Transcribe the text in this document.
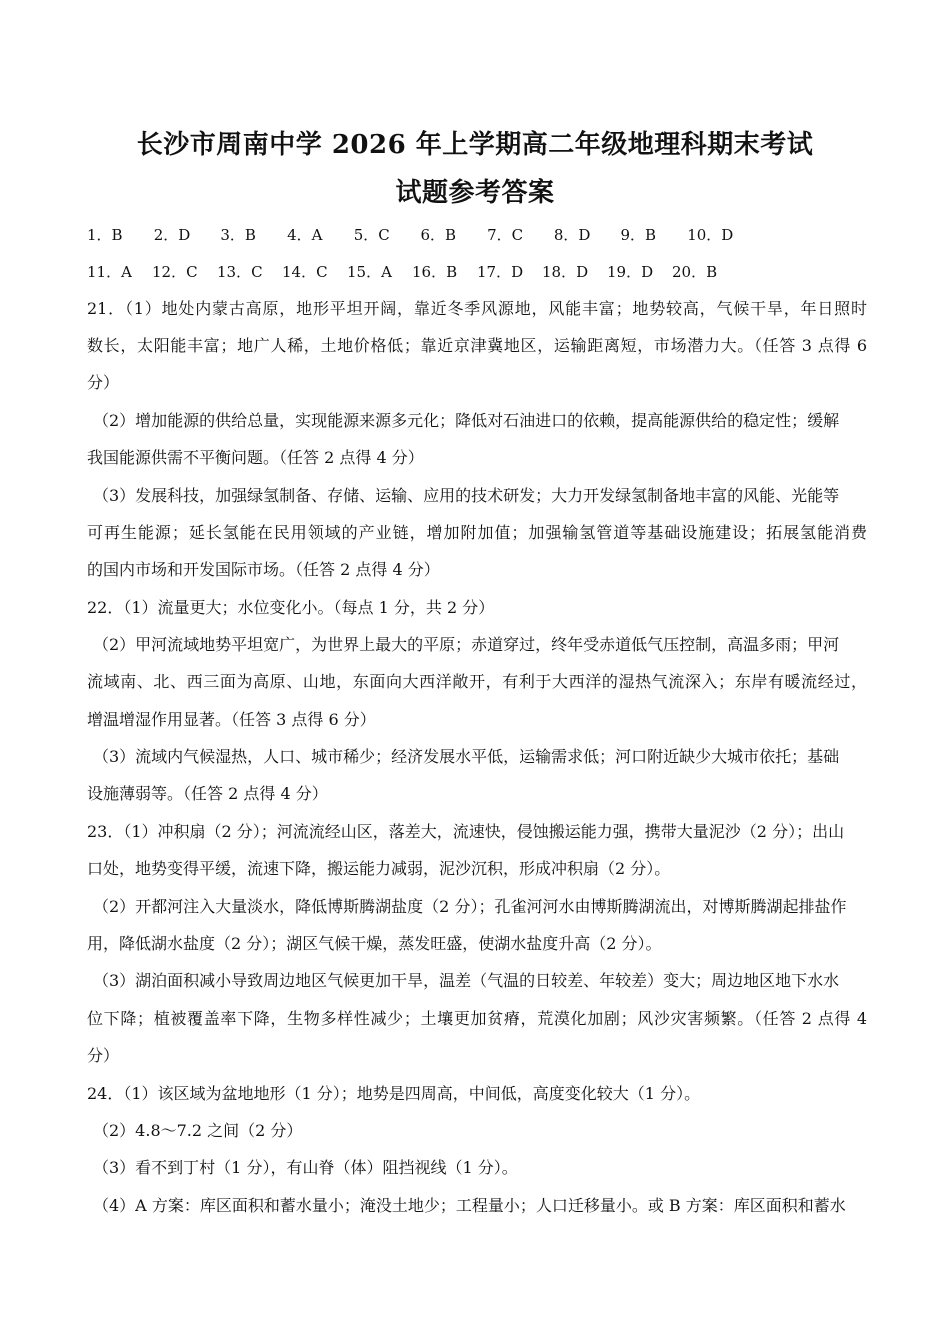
长沙市周南中学 2026 年上学期高二年级地理科期末考试
试题参考答案
1．B 2．D 3．B 4．A 5．C 6．B 7．C 8．D 9．B 10．D
11．A 12．C 13．C 14．C 15．A 16．B 17．D 18．D 19．D 20．B
21．（1）地处内蒙古高原，地形平坦开阔，靠近冬季风源地，风能丰富；地势较高，气候干旱，年日照时
数长，太阳能丰富；地广人稀，土地价格低；靠近京津冀地区，运输距离短，市场潜力大。（任答 3 点得 6
分）
（2）增加能源的供给总量，实现能源来源多元化；降低对石油进口的依赖，提高能源供给的稳定性；缓解
我国能源供需不平衡问题。（任答 2 点得 4 分）
（3）发展科技，加强绿氢制备、存储、运输、应用的技术研发；大力开发绿氢制备地丰富的风能、光能等
可再生能源；延长氢能在民用领域的产业链，增加附加值；加强输氢管道等基础设施建设；拓展氢能消费
的国内市场和开发国际市场。（任答 2 点得 4 分）
22．（1）流量更大；水位变化小。（每点 1 分，共 2 分）
（2）甲河流域地势平坦宽广，为世界上最大的平原；赤道穿过，终年受赤道低气压控制，高温多雨；甲河
流域南、北、西三面为高原、山地，东面向大西洋敞开，有利于大西洋的湿热气流深入；东岸有暖流经过，
增温增湿作用显著。（任答 3 点得 6 分）
（3）流域内气候湿热，人口、城市稀少；经济发展水平低，运输需求低；河口附近缺少大城市依托；基础
设施薄弱等。（任答 2 点得 4 分）
23．（1）冲积扇（2 分）；河流流经山区，落差大，流速快，侵蚀搬运能力强，携带大量泥沙（2 分）；出山
口处，地势变得平缓，流速下降，搬运能力减弱，泥沙沉积，形成冲积扇（2 分）。
（2）开都河注入大量淡水，降低博斯腾湖盐度（2 分）；孔雀河河水由博斯腾湖流出，对博斯腾湖起排盐作
用，降低湖水盐度（2 分）；湖区气候干燥，蒸发旺盛，使湖水盐度升高（2 分）。
（3）湖泊面积减小导致周边地区气候更加干旱，温差（气温的日较差、年较差）变大；周边地区地下水水
位下降；植被覆盖率下降，生物多样性减少；土壤更加贫瘠，荒漠化加剧；风沙灾害频繁。（任答 2 点得 4
分）
24．（1）该区域为盆地地形（1 分）；地势是四周高，中间低，高度变化较大（1 分）。
（2）4.8～7.2 之间（2 分）
（3）看不到丁村（1 分），有山脊（体）阻挡视线（1 分）。
（4）A 方案：库区面积和蓄水量小；淹没土地少；工程量小；人口迁移量小。或 B 方案：库区面积和蓄水
